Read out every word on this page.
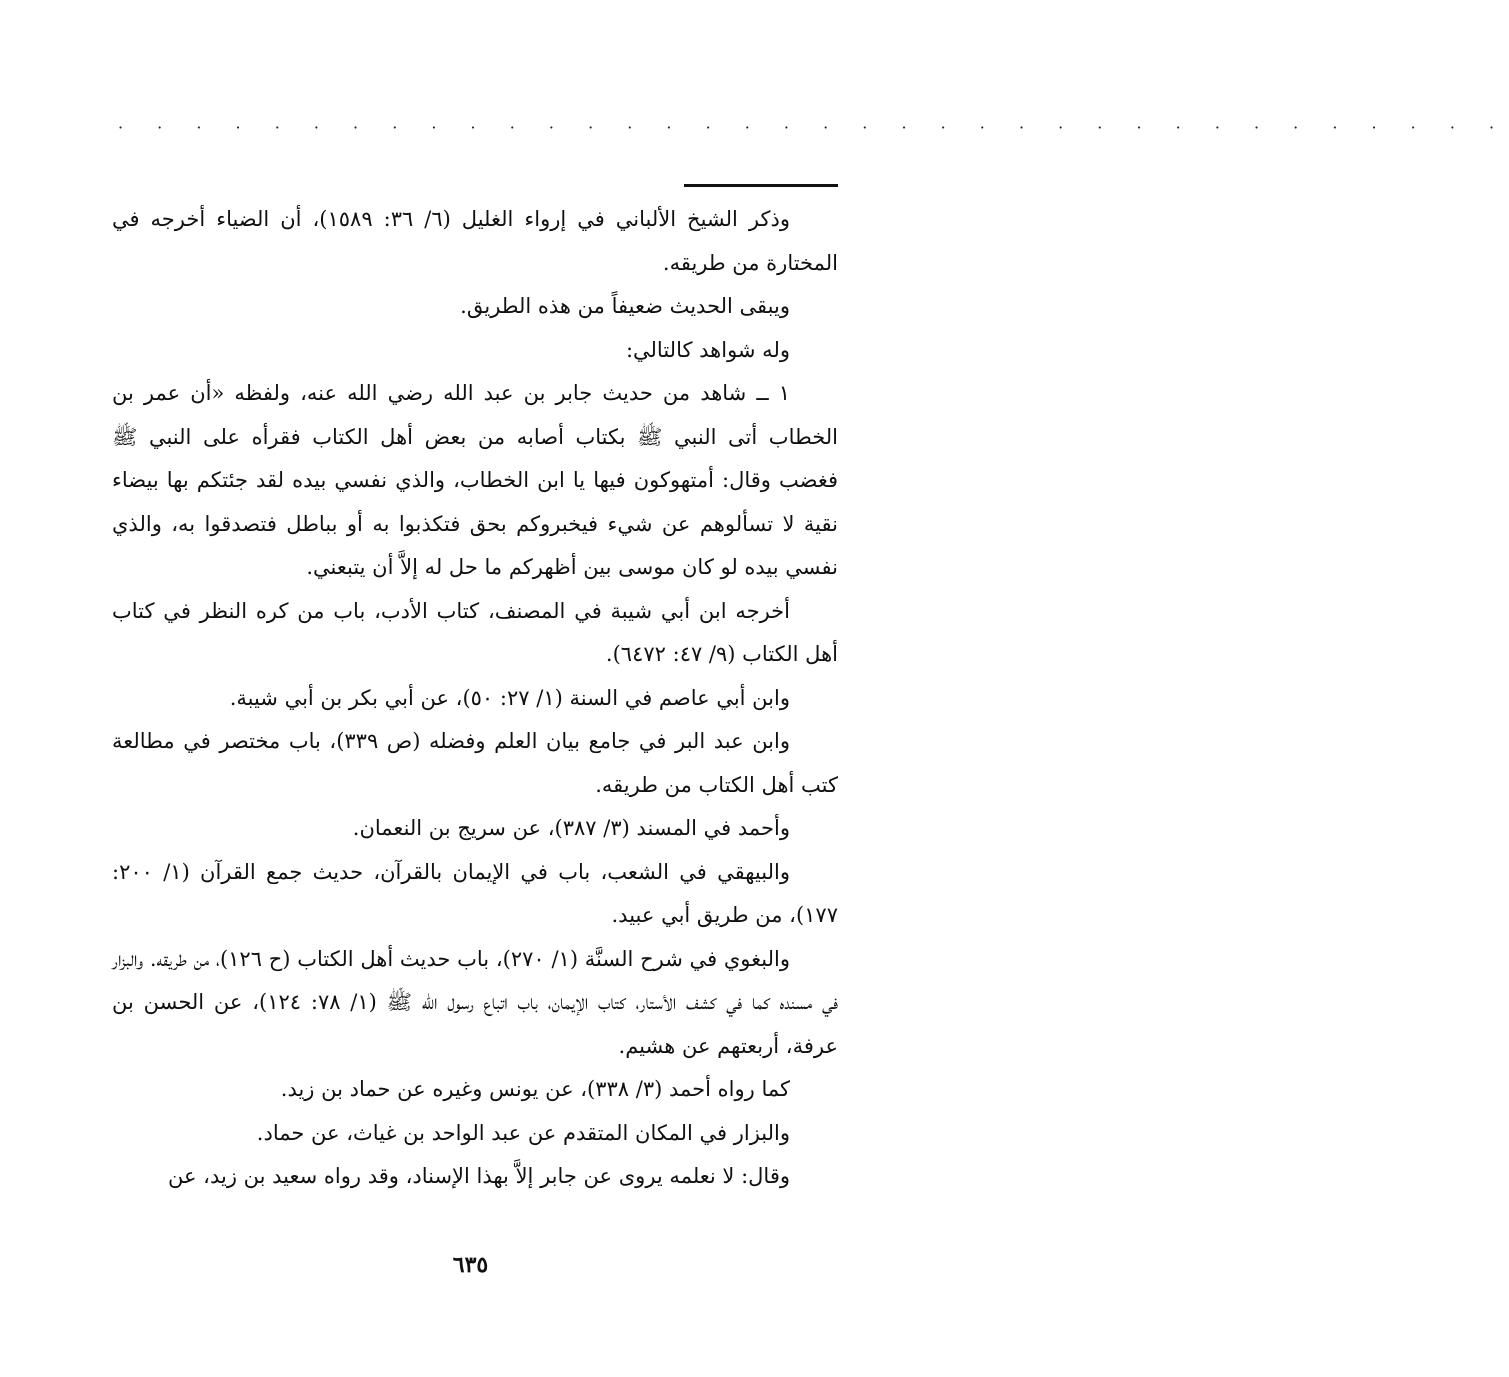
· · · · · · · · · · · · · · · · · · · · · · · · · · · · · · · · · · · ·

وذكر الشيخ الألباني في إرواء الغليل (٦/ ٣٦: ١٥٨٩)، أن الضياء أخرجه في المختارة من طريقه.

ويبقى الحديث ضعيفاً من هذه الطريق.

وله شواهد كالتالي:

١ ــ شاهد من حديث جابر بن عبد الله رضي الله عنه، ولفظه «أن عمر بن الخطاب أتى النبي ﷺ بكتاب أصابه من بعض أهل الكتاب فقرأه على النبي ﷺ فغضب وقال: أمتهوكون فيها يا ابن الخطاب، والذي نفسي بيده لقد جئتكم بها بيضاء نقية لا تسألوهم عن شيء فيخبروكم بحق فتكذبوا به أو بباطل فتصدقوا به، والذي نفسي بيده لو كان موسى بين أظهركم ما حل له إلاَّ أن يتبعني.

أخرجه ابن أبي شيبة في المصنف، كتاب الأدب، باب من كره النظر في كتاب أهل الكتاب (٩/ ٤٧: ٦٤٧٢).

وابن أبي عاصم في السنة (١/ ٢٧: ٥٠)، عن أبي بكر بن أبي شيبة.

وابن عبد البر في جامع بيان العلم وفضله (ص ٣٣٩)، باب مختصر في مطالعة كتب أهل الكتاب من طريقه.

وأحمد في المسند (٣/ ٣٨٧)، عن سريج بن النعمان.

والبيهقي في الشعب، باب في الإيمان بالقرآن، حديث جمع القرآن (١/ ٢٠٠: ١٧٧)، من طريق أبي عبيد.

والبغوي في شرح السنَّة (١/ ٢٧٠)، باب حديث أهل الكتاب (ح ١٢٦)، من طريقه. والبزار في مسنده كما في كشف الأستار، كتاب الإيمان، باب اتباع رسول الله ﷺ (١/ ٧٨: ١٢٤)، عن الحسن بن عرفة، أربعتهم عن هشيم.

كما رواه أحمد (٣/ ٣٣٨)، عن يونس وغيره عن حماد بن زيد.

والبزار في المكان المتقدم عن عبد الواحد بن غياث، عن حماد.

وقال: لا نعلمه يروى عن جابر إلاَّ بهذا الإسناد، وقد رواه سعيد بن زيد، عن

٦٣٥
